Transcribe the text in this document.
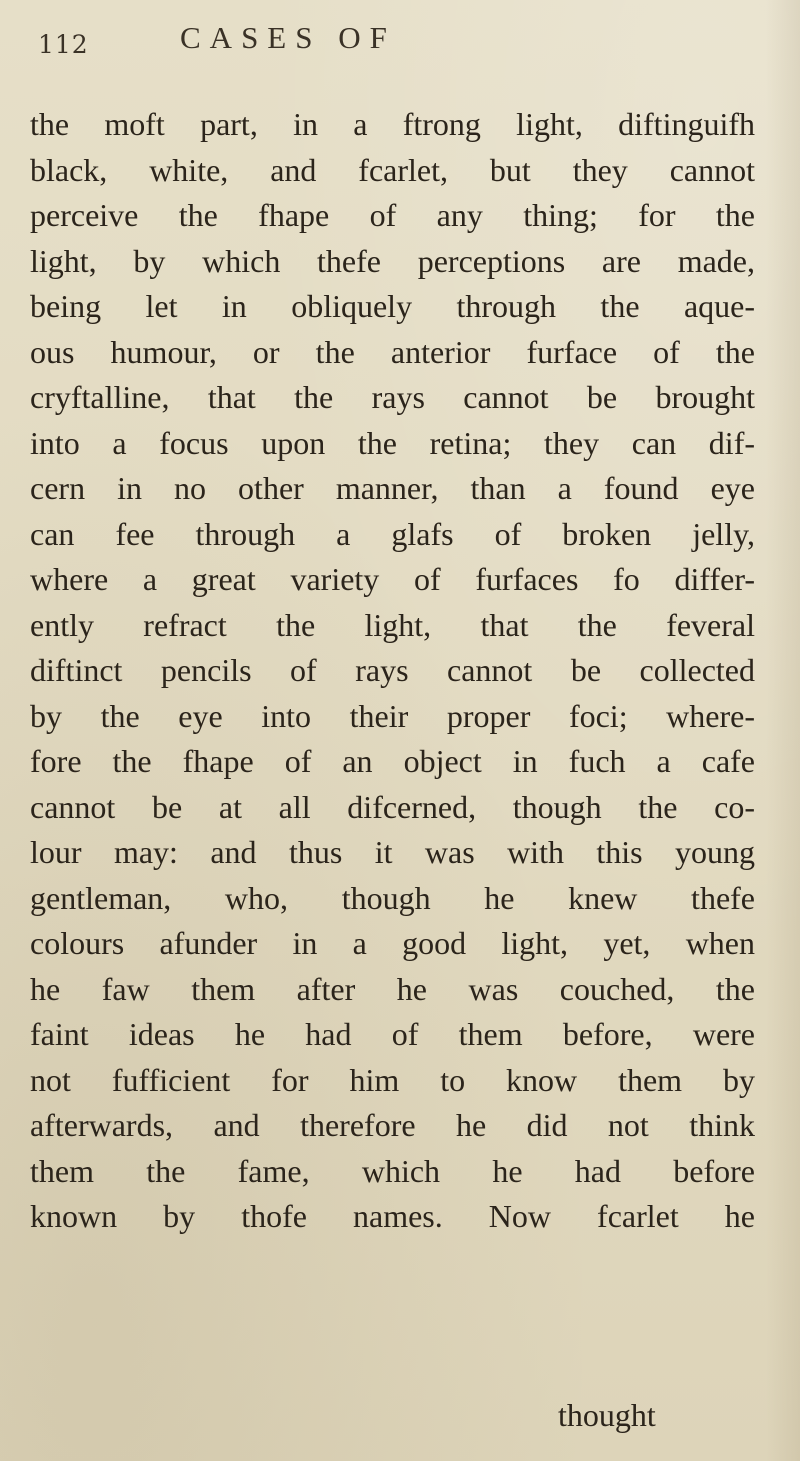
112	CASES OF
the moft part, in a ftrong light, diftinguifh
black, white, and fcarlet, but they cannot
perceive the fhape of any thing; for the
light, by which thefe perceptions are made,
being let in obliquely through the aque-
ous humour, or the anterior furface of the
cryftalline, that the rays cannot be brought
into a focus upon the retina; they can dif-
cern in no other manner, than a found eye
can fee through a glafs of broken jelly,
where a great variety of furfaces fo differ-
ently refract the light, that the feveral
diftinct pencils of rays cannot be collected
by the eye into their proper foci; where-
fore the fhape of an object in fuch a cafe
cannot be at all difcerned, though the co-
lour may: and thus it was with this young
gentleman, who, though he knew thefe
colours afunder in a good light, yet, when
he faw them after he was couched, the
faint ideas he had of them before, were
not fufficient for him to know them by
afterwards, and therefore he did not think
them the fame, which he had before
known by thofe names. Now fcarlet he
thought
